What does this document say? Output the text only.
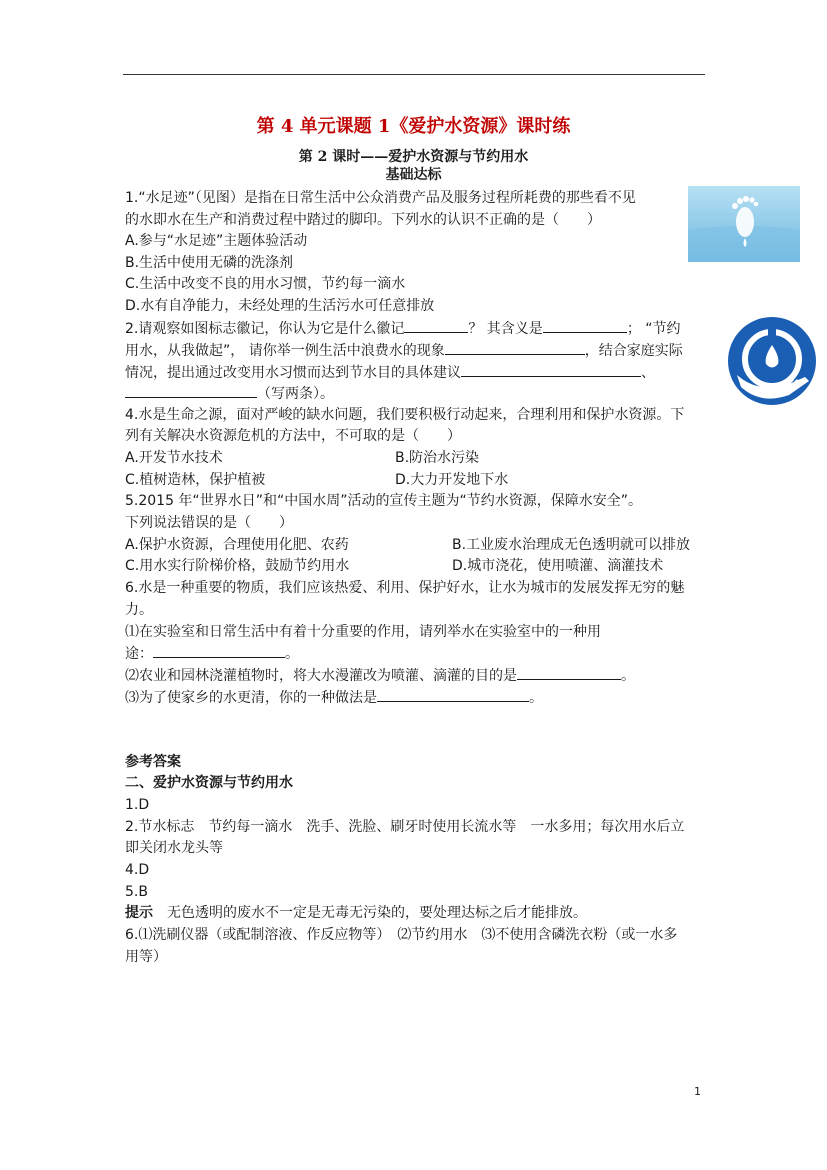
第 4 单元课题 1《爱护水资源》课时练
第 2 课时——爱护水资源与节约用水
基础达标
1.“水足迹”（见图）是指在日常生活中公众消费产品及服务过程所耗费的那些看不见
的水即水在生产和消费过程中踏过的脚印。下列水的认识不正确的是（　　）
A.参与“水足迹”主题体验活动
B.生活中使用无磷的洗涤剂
C.生活中改变不良的用水习惯，节约每一滴水
D.水有自净能力，未经处理的生活污水可任意排放
2.请观察如图标志徽记，你认为它是什么徽记	？ 其含义是	； “节约
用水，从我做起”， 请你举一例生活中浪费水的现象	，结合家庭实际
情况，提出通过改变用水习惯而达到节水目的具体建议	、
（写两条）。
4.水是生命之源，面对严峻的缺水问题，我们要积极行动起来，合理利用和保护水资源。下
列有关解决水资源危机的方法中，不可取的是（　　）
A.开发节水技术	B.防治水污染
C.植树造林，保护植被	D.大力开发地下水
5.2015 年“世界水日”和“中国水周”活动的宣传主题为“节约水资源，保障水安全”。
下列说法错误的是（　　）
A.保护水资源，合理使用化肥、农药	B.工业废水治理成无色透明就可以排放
C.用水实行阶梯价格，鼓励节约用水	D.城市浇花，使用喷灌、滴灌技术
6.水是一种重要的物质，我们应该热爱、利用、保护好水，让水为城市的发展发挥无穷的魅
力。
⑴在实验室和日常生活中有着十分重要的作用，请列举水在实验室中的一种用
途：	。
⑵农业和园林浇灌植物时，将大水漫灌改为喷灌、滴灌的目的是	。
⑶为了使家乡的水更清，你的一种做法是	。
参考答案
二、爱护水资源与节约用水
1.D
2.节水标志　节约每一滴水　洗手、洗脸、刷牙时使用长流水等　一水多用；每次用水后立
即关闭水龙头等
4.D
5.B
提示　无色透明的废水不一定是无毒无污染的，要处理达标之后才能排放。
6.⑴洗刷仪器（或配制溶液、作反应物等）　⑵节约用水　⑶不使用含磷洗衣粉（或一水多
用等）
1
